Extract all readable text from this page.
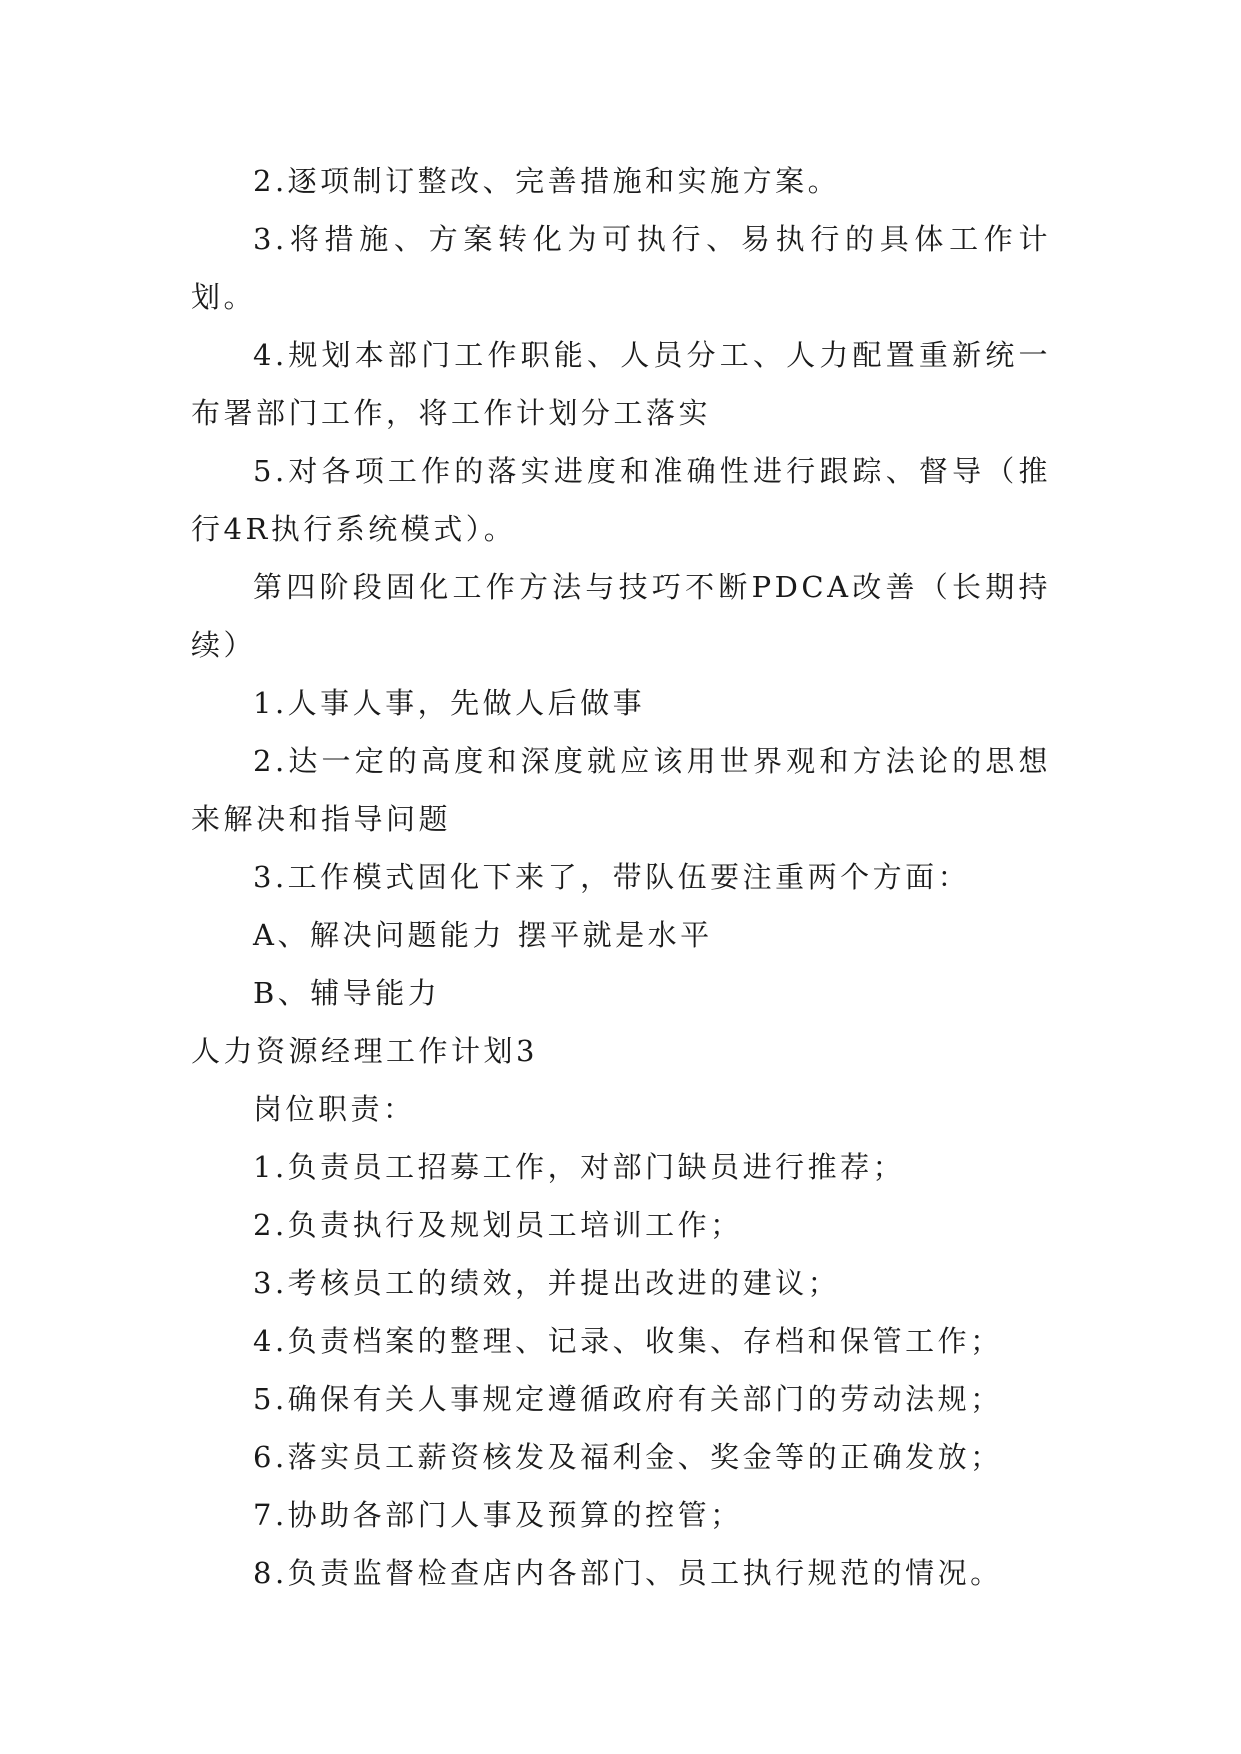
2.逐项制订整改、完善措施和实施方案。

3.将措施、方案转化为可执行、易执行的具体工作计划。

4.规划本部门工作职能、人员分工、人力配置重新统一布署部门工作，将工作计划分工落实

5.对各项工作的落实进度和准确性进行跟踪、督导（推行4R执行系统模式）。

第四阶段固化工作方法与技巧不断PDCA改善（长期持续）

1.人事人事，先做人后做事

2.达一定的高度和深度就应该用世界观和方法论的思想来解决和指导问题

3.工作模式固化下来了，带队伍要注重两个方面：

A、解决问题能力 摆平就是水平

B、辅导能力

人力资源经理工作计划3

岗位职责：

1.负责员工招募工作，对部门缺员进行推荐；

2.负责执行及规划员工培训工作；

3.考核员工的绩效，并提出改进的建议；

4.负责档案的整理、记录、收集、存档和保管工作；

5.确保有关人事规定遵循政府有关部门的劳动法规；

6.落实员工薪资核发及福利金、奖金等的正确发放；

7.协助各部门人事及预算的控管；

8.负责监督检查店内各部门、员工执行规范的情况。
